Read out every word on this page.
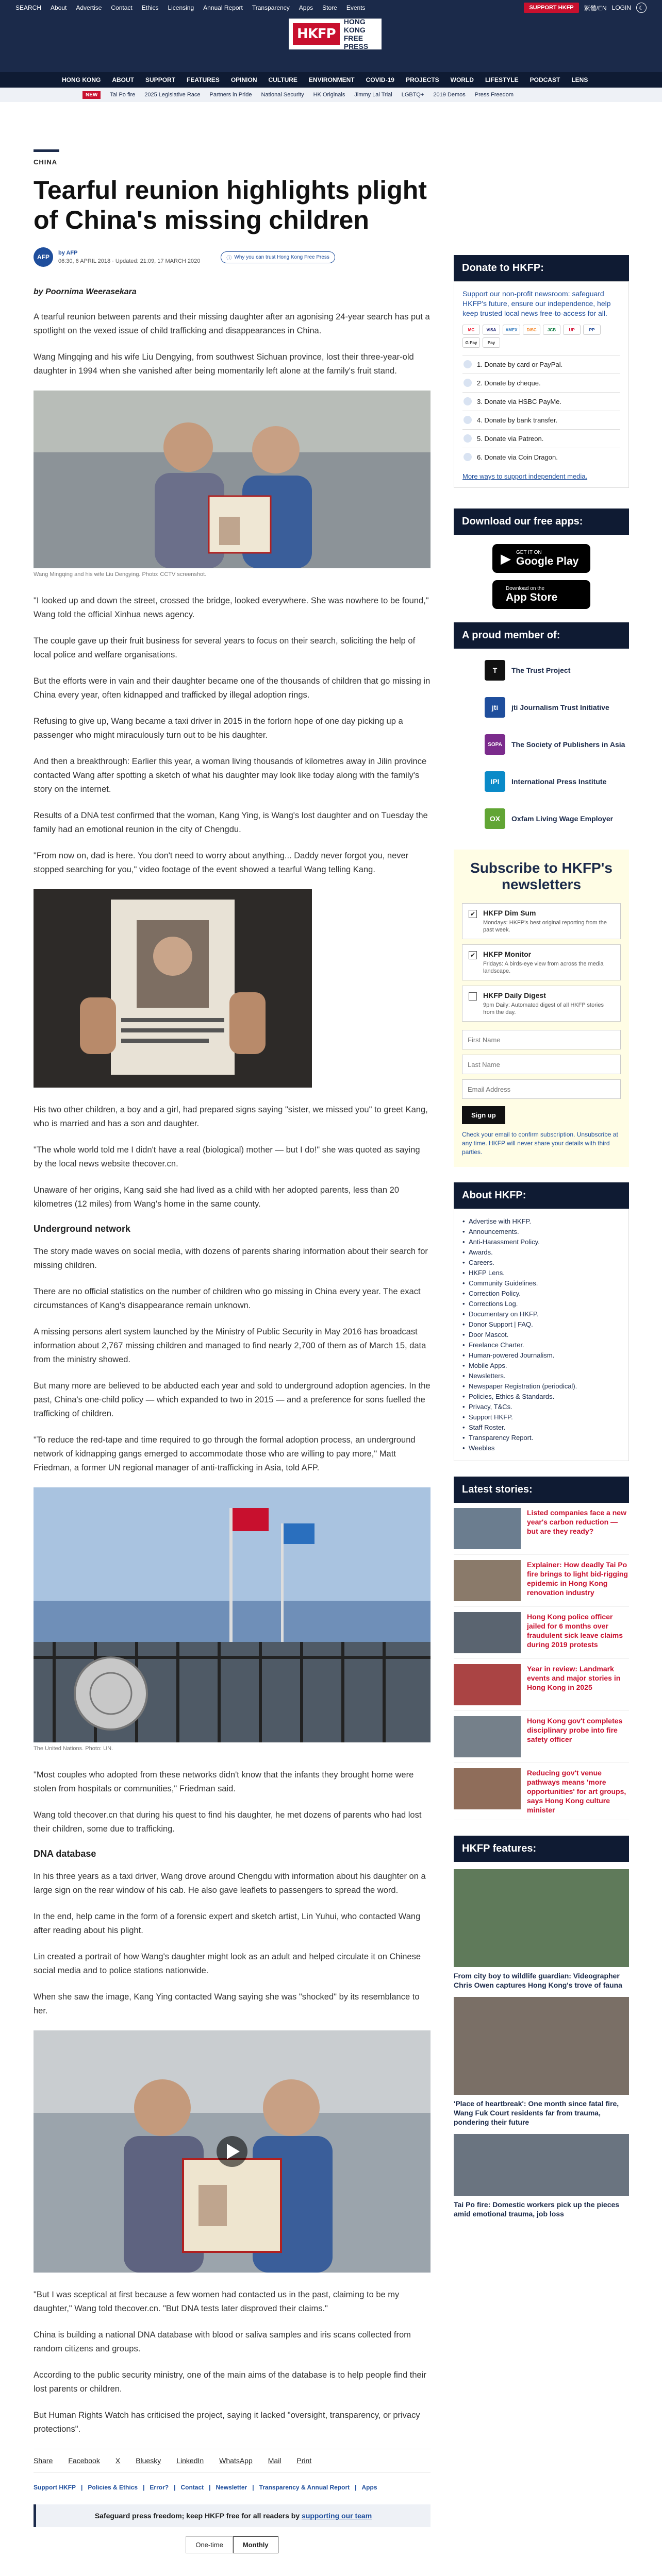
SEARCH About Advertise Contact Ethics Licensing Annual Report Transparency Apps Store Events	SUPPORT HKFP	繁體/EN LOGIN	☾
HKFP
HONG KONG
FREE PRESS
HONG KONG ABOUT SUPPORT FEATURES OPINION CULTURE ENVIRONMENT COVID-19 PROJECTS WORLD LIFESTYLE PODCAST LENS
NEW	Tai Po fire 2025 Legislative Race Partners in Pride National Security HK Originals Jimmy Lai Trial LGBTQ+ 2019 Demos Press Freedom
CHINA
Tearful reunion highlights plight of China's missing children
AFP
by AFP
06:30, 6 APRIL 2018 · Updated: 21:09, 17 MARCH 2020	ⓘ Why you can trust Hong Kong Free Press
by Poornima Weerasekara

A tearful reunion between parents and their missing daughter after an agonising 24-year search has put a spotlight on the vexed issue of child trafficking and disappearances in China.

Wang Mingqing and his wife Liu Dengying, from southwest Sichuan province, lost their three-year-old daughter in 1994 when she vanished after being momentarily left alone at the family's fruit stand.

Wang Mingqing and his wife Liu Dengying. Photo: CCTV screenshot.

"I looked up and down the street, crossed the bridge, looked everywhere. She was nowhere to be found," Wang told the official Xinhua news agency.

The couple gave up their fruit business for several years to focus on their search, soliciting the help of local police and welfare organisations.

But the efforts were in vain and their daughter became one of the thousands of children that go missing in China every year, often kidnapped and trafficked by illegal adoption rings.

Refusing to give up, Wang became a taxi driver in 2015 in the forlorn hope of one day picking up a passenger who might miraculously turn out to be his daughter.

And then a breakthrough: Earlier this year, a woman living thousands of kilometres away in Jilin province contacted Wang after spotting a sketch of what his daughter may look like today along with the family's story on the internet.

Results of a DNA test confirmed that the woman, Kang Ying, is Wang's lost daughter and on Tuesday the family had an emotional reunion in the city of Chengdu.

"From now on, dad is here. You don't need to worry about anything... Daddy never forgot you, never stopped searching for you," video footage of the event showed a tearful Wang telling Kang.

His two other children, a boy and a girl, had prepared signs saying "sister, we missed you" to greet Kang, who is married and has a son and daughter.

"The whole world told me I didn't have a real (biological) mother — but I do!" she was quoted as saying by the local news website thecover.cn.

Unaware of her origins, Kang said she had lived as a child with her adopted parents, less than 20 kilometres (12 miles) from Wang's home in the same county.

Underground network

The story made waves on social media, with dozens of parents sharing information about their search for missing children.

There are no official statistics on the number of children who go missing in China every year. The exact circumstances of Kang's disappearance remain unknown.

A missing persons alert system launched by the Ministry of Public Security in May 2016 has broadcast information about 2,767 missing children and managed to find nearly 2,700 of them as of March 15, data from the ministry showed.

But many more are believed to be abducted each year and sold to underground adoption agencies. In the past, China's one-child policy — which expanded to two in 2015 — and a preference for sons fuelled the trafficking of children.

"To reduce the red-tape and time required to go through the formal adoption process, an underground network of kidnapping gangs emerged to accommodate those who are willing to pay more," Matt Friedman, a former UN regional manager of anti-trafficking in Asia, told AFP.

The United Nations. Photo: UN.

"Most couples who adopted from these networks didn't know that the infants they brought home were stolen from hospitals or communities," Friedman said.

Wang told thecover.cn that during his quest to find his daughter, he met dozens of parents who had lost their children, some due to trafficking.

DNA database

In his three years as a taxi driver, Wang drove around Chengdu with information about his daughter on a large sign on the rear window of his cab. He also gave leaflets to passengers to spread the word.

In the end, help came in the form of a forensic expert and sketch artist, Lin Yuhui, who contacted Wang after reading about his plight.

Lin created a portrait of how Wang's daughter might look as an adult and helped circulate it on Chinese social media and to police stations nationwide.

When she saw the image, Kang Ying contacted Wang saying she was "shocked" by its resemblance to her.

"But I was sceptical at first because a few women had contacted us in the past, claiming to be my daughter," Wang told thecover.cn. "But DNA tests later disproved their claims."

China is building a national DNA database with blood or saliva samples and iris scans collected from random citizens and groups.

According to the public security ministry, one of the main aims of the database is to help people find their lost parents or children.

But Human Rights Watch has criticised the project, saying it lacked "oversight, transparency, or privacy protections".

Share Facebook X Bluesky LinkedIn WhatsApp Mail Print
Support HKFP | Policies & Ethics | Error? | Contact | Newsletter | Transparency & Annual Report | Apps
Safeguard press freedom; keep HKFP free for all readers by supporting our team
One-time	Monthly
Donate to HKFP:
Support our non-profit newsroom: safeguard HKFP's future, ensure our independence, help keep trusted local news free-to-access for all.
MC	VISA	AMEX	DISC	JCB	UP	PP
G Pay	Pay
1. Donate by card or PayPal.
2. Donate by cheque.
3. Donate via HSBC PayMe.
4. Donate by bank transfer.
5. Donate via Patreon.
6. Donate via Coin Dragon.
More ways to support independent media.
Download our free apps:
▶ GET IT ON
Google Play
Download on the
App Store
A proud member of:
T	The Trust Project
jti	jti Journalism Trust Initiative
SOPA	The Society of Publishers in Asia
IPI	International Press Institute
OX	Oxfam Living Wage Employer
Subscribe to HKFP's newsletters
✔ HKFP Dim Sum
Mondays: HKFP's best original reporting from the past week.
✔ HKFP Monitor
Fridays: A birds-eye view from across the media landscape.
HKFP Daily Digest
9pm Daily: Automated digest of all HKFP stories from the day.
First Name
Last Name
Email Address Sign up
Check your email to confirm subscription. Unsubscribe at any time. HKFP will never share your details with third parties.
About HKFP:
• Advertise with HKFP.
• Announcements.
• Anti-Harassment Policy.
• Awards.
• Careers.
• HKFP Lens.
• Community Guidelines.
• Correction Policy.
• Corrections Log.
• Documentary on HKFP.
• Donor Support | FAQ.
• Door Mascot.
• Freelance Charter.
• Human-powered Journalism.
• Mobile Apps.
• Newsletters.
• Newspaper Registration (periodical).
• Policies, Ethics & Standards.
• Privacy, T&Cs.
• Support HKFP.
• Staff Roster.
• Transparency Report.
• Weebles
Latest stories:
Listed companies face a new year's carbon reduction — but are they ready?
Explainer: How deadly Tai Po fire brings to light bid-rigging epidemic in Hong Kong renovation industry
Hong Kong police officer jailed for 6 months over fraudulent sick leave claims during 2019 protests
Year in review: Landmark events and major stories in Hong Kong in 2025
Hong Kong gov't completes disciplinary probe into fire safety officer
Reducing gov't venue pathways means 'more opportunities' for art groups, says Hong Kong culture minister
HKFP features:
From city boy to wildlife guardian: Videographer Chris Owen captures Hong Kong's trove of fauna
'Place of heartbreak': One month since fatal fire, Wang Fuk Court residents far from trauma, pondering their future
Tai Po fire: Domestic workers pick up the pieces amid emotional trauma, job loss
